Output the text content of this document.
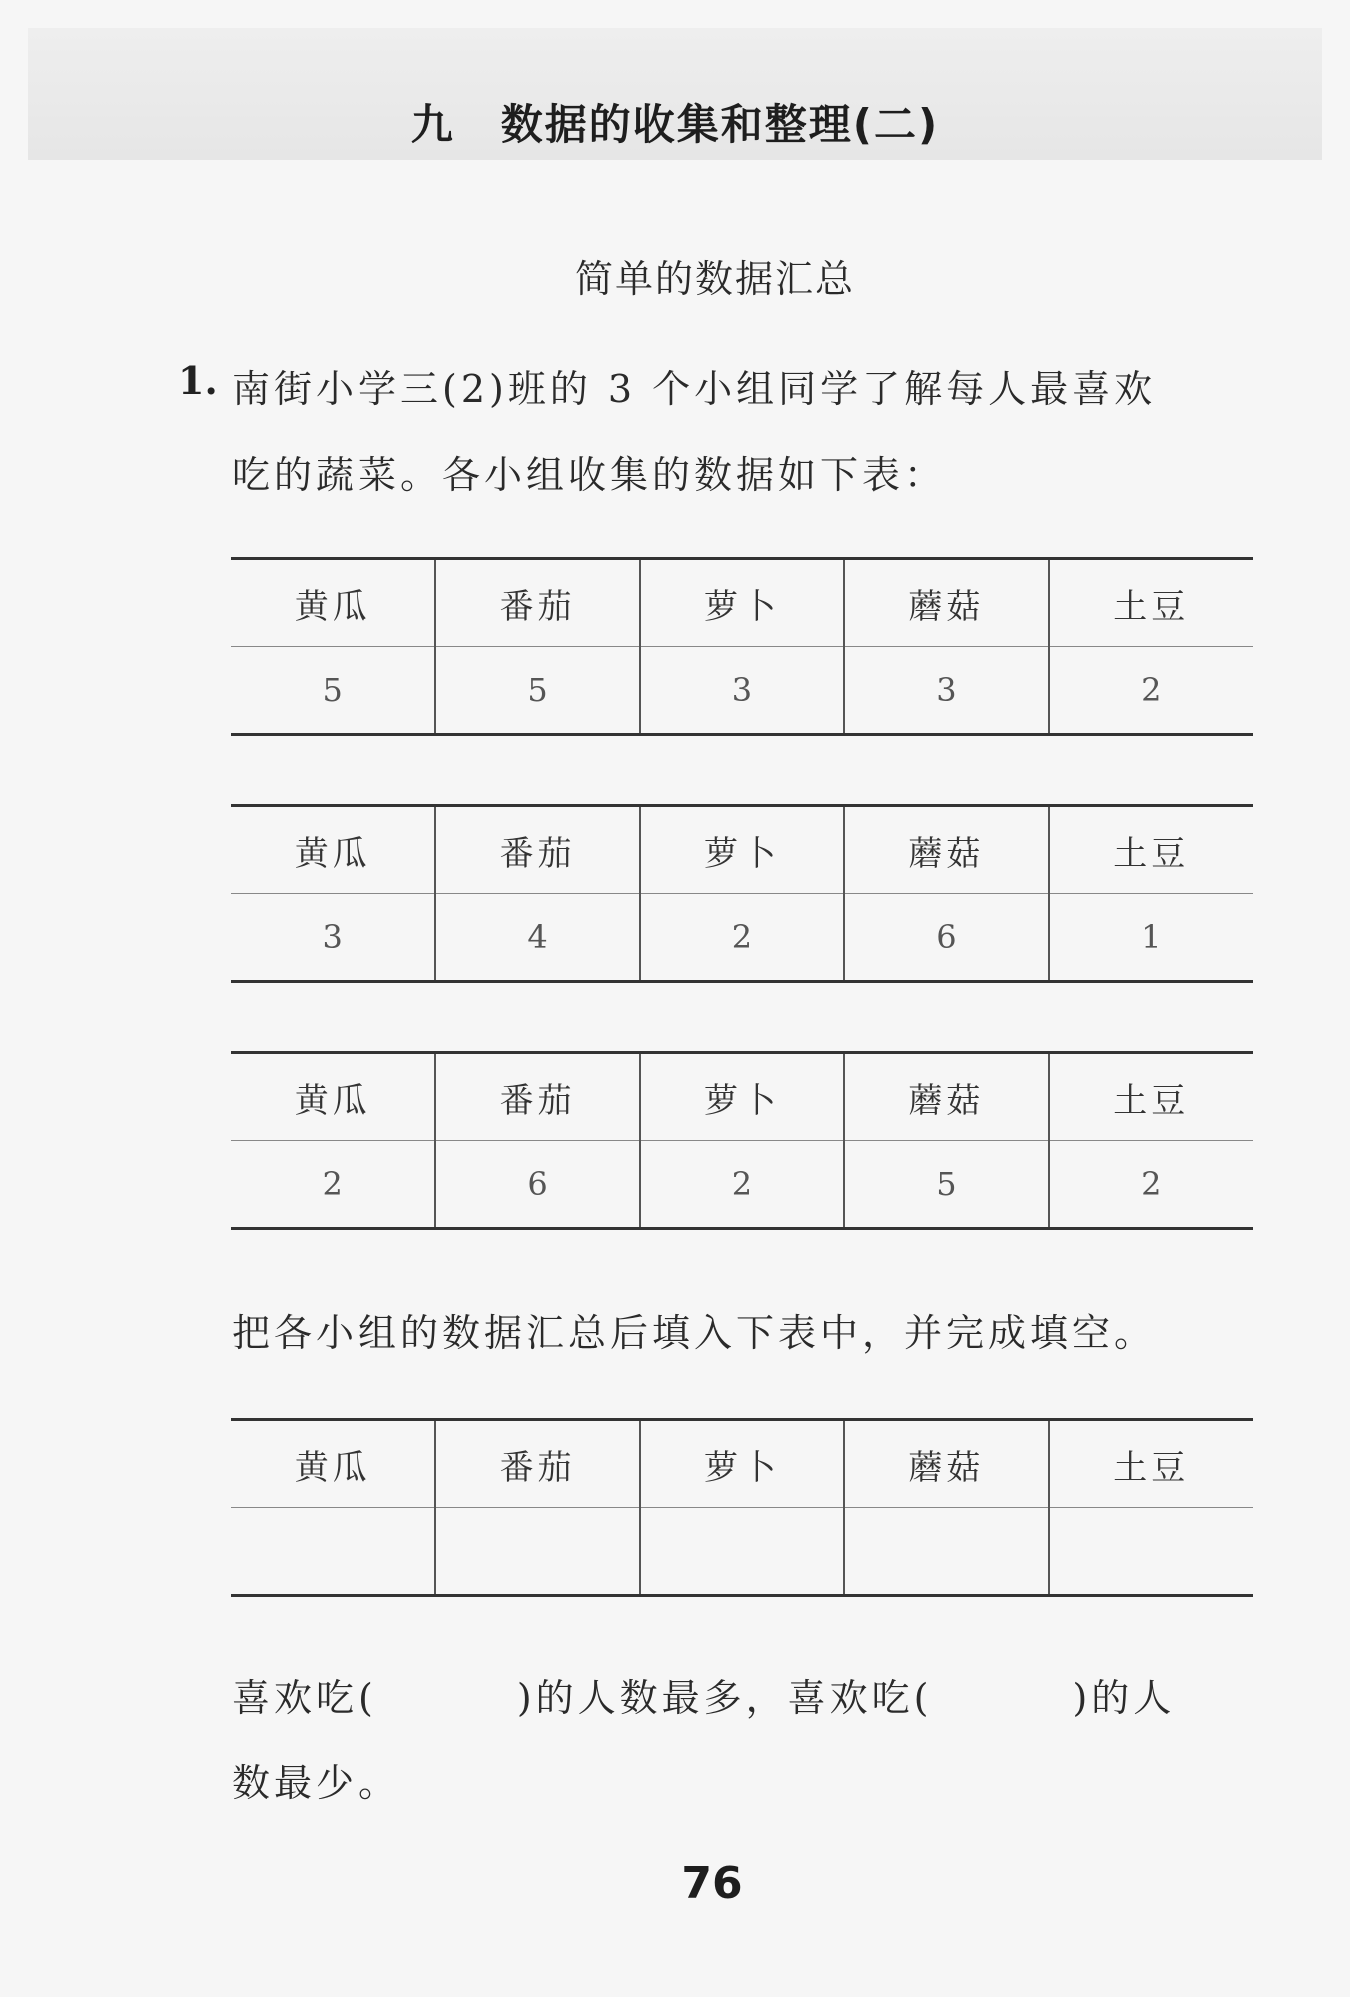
九 数据的收集和整理(二)
简单的数据汇总
1. 南街小学三(2)班的 3 个小组同学了解每人最喜欢
吃的蔬菜。各小组收集的数据如下表：
黄瓜	番茄	萝卜	蘑菇	土豆
5	5	3	3	2
黄瓜	番茄	萝卜	蘑菇	土豆
3	4	2	6	1
黄瓜	番茄	萝卜	蘑菇	土豆
2	6	2	5	2
把各小组的数据汇总后填入下表中，并完成填空。
黄瓜	番茄	萝卜	蘑菇	土豆

喜欢吃(	)的人数最多，喜欢吃(	)的人
数最少。
76
